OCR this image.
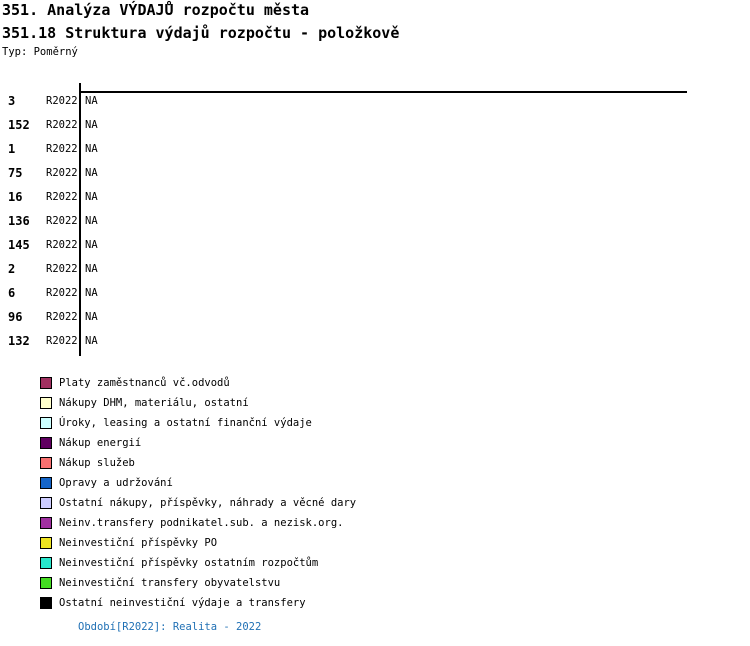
351. Analýza VÝDAJŮ rozpočtu města
351.18 Struktura výdajů rozpočtu - položkově
Typ: Poměrný
3	R2022 NA
152 R2022 NA
1	R2022 NA
75 R2022 NA
16 R2022 NA
136 R2022 NA
145 R2022 NA
2	R2022 NA
6	R2022 NA
96 R2022 NA
132 R2022 NA
Platy zaměstnanců vč.odvodů
Nákupy DHM, materiálu, ostatní
Úroky, leasing a ostatní finanční výdaje
Nákup energií
Nákup služeb
Opravy a udržování
Ostatní nákupy, příspěvky, náhrady a věcné dary
Neinv.transfery podnikatel.sub. a nezisk.org.
Neinvestiční příspěvky PO
Neinvestiční příspěvky ostatním rozpočtům
Neinvestiční transfery obyvatelstvu
Ostatní neinvestiční výdaje a transfery
Období[R2022]: Realita - 2022
